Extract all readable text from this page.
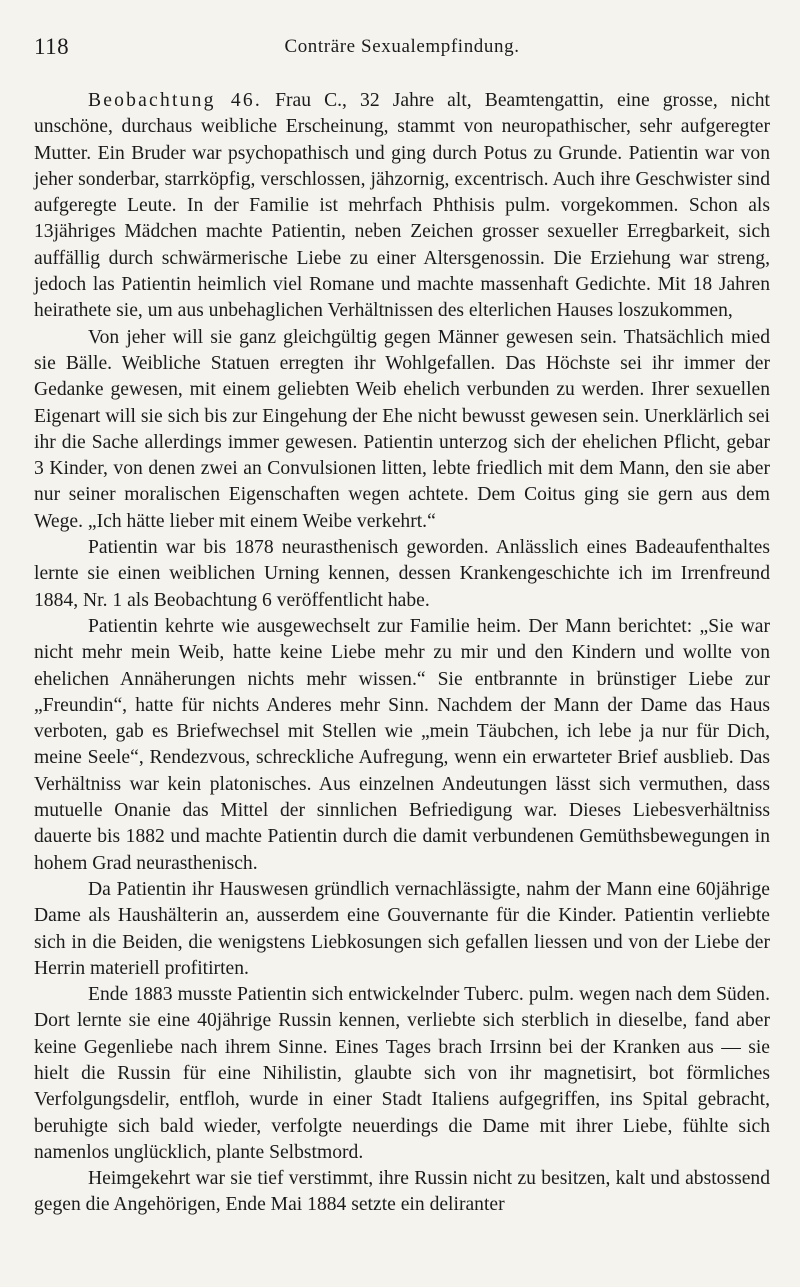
118	Conträre Sexualempfindung.

Beobachtung 46. Frau C., 32 Jahre alt, Beamtengattin, eine grosse, nicht unschöne, durchaus weibliche Erscheinung, stammt von neuropathischer, sehr aufgeregter Mutter. Ein Bruder war psychopathisch und ging durch Potus zu Grunde. Patientin war von jeher sonderbar, starrköpfig, verschlossen, jähzornig, excentrisch. Auch ihre Geschwister sind aufgeregte Leute. In der Familie ist mehrfach Phthisis pulm. vorgekommen. Schon als 13jähriges Mädchen machte Patientin, neben Zeichen grosser sexueller Erregbarkeit, sich auffällig durch schwärmerische Liebe zu einer Altersgenossin. Die Erziehung war streng, jedoch las Patientin heimlich viel Romane und machte massenhaft Gedichte. Mit 18 Jahren heirathete sie, um aus unbehaglichen Verhältnissen des elterlichen Hauses loszukommen,

Von jeher will sie ganz gleichgültig gegen Männer gewesen sein. Thatsächlich mied sie Bälle. Weibliche Statuen erregten ihr Wohlgefallen. Das Höchste sei ihr immer der Gedanke gewesen, mit einem geliebten Weib ehelich verbunden zu werden. Ihrer sexuellen Eigenart will sie sich bis zur Eingehung der Ehe nicht bewusst gewesen sein. Unerklärlich sei ihr die Sache allerdings immer gewesen. Patientin unterzog sich der ehelichen Pflicht, gebar 3 Kinder, von denen zwei an Convulsionen litten, lebte friedlich mit dem Mann, den sie aber nur seiner moralischen Eigenschaften wegen achtete. Dem Coitus ging sie gern aus dem Wege. „Ich hätte lieber mit einem Weibe verkehrt.“

Patientin war bis 1878 neurasthenisch geworden. Anlässlich eines Badeaufenthaltes lernte sie einen weiblichen Urning kennen, dessen Krankengeschichte ich im Irrenfreund 1884, Nr. 1 als Beobachtung 6 veröffentlicht habe.

Patientin kehrte wie ausgewechselt zur Familie heim. Der Mann berichtet: „Sie war nicht mehr mein Weib, hatte keine Liebe mehr zu mir und den Kindern und wollte von ehelichen Annäherungen nichts mehr wissen.“ Sie entbrannte in brünstiger Liebe zur „Freundin“, hatte für nichts Anderes mehr Sinn. Nachdem der Mann der Dame das Haus verboten, gab es Briefwechsel mit Stellen wie „mein Täubchen, ich lebe ja nur für Dich, meine Seele“, Rendezvous, schreckliche Aufregung, wenn ein erwarteter Brief ausblieb. Das Verhältniss war kein platonisches. Aus einzelnen Andeutungen lässt sich vermuthen, dass mutuelle Onanie das Mittel der sinnlichen Befriedigung war. Dieses Liebesverhältniss dauerte bis 1882 und machte Patientin durch die damit verbundenen Gemüthsbewegungen in hohem Grad neurasthenisch.

Da Patientin ihr Hauswesen gründlich vernachlässigte, nahm der Mann eine 60jährige Dame als Haushälterin an, ausserdem eine Gouvernante für die Kinder. Patientin verliebte sich in die Beiden, die wenigstens Liebkosungen sich gefallen liessen und von der Liebe der Herrin materiell profitirten.

Ende 1883 musste Patientin sich entwickelnder Tuberc. pulm. wegen nach dem Süden. Dort lernte sie eine 40jährige Russin kennen, verliebte sich sterblich in dieselbe, fand aber keine Gegenliebe nach ihrem Sinne. Eines Tages brach Irrsinn bei der Kranken aus — sie hielt die Russin für eine Nihilistin, glaubte sich von ihr magnetisirt, bot förmliches Verfolgungsdelir, entfloh, wurde in einer Stadt Italiens aufgegriffen, ins Spital gebracht, beruhigte sich bald wieder, verfolgte neuerdings die Dame mit ihrer Liebe, fühlte sich namenlos unglücklich, plante Selbstmord.

Heimgekehrt war sie tief verstimmt, ihre Russin nicht zu besitzen, kalt und abstossend gegen die Angehörigen, Ende Mai 1884 setzte ein deliranter
